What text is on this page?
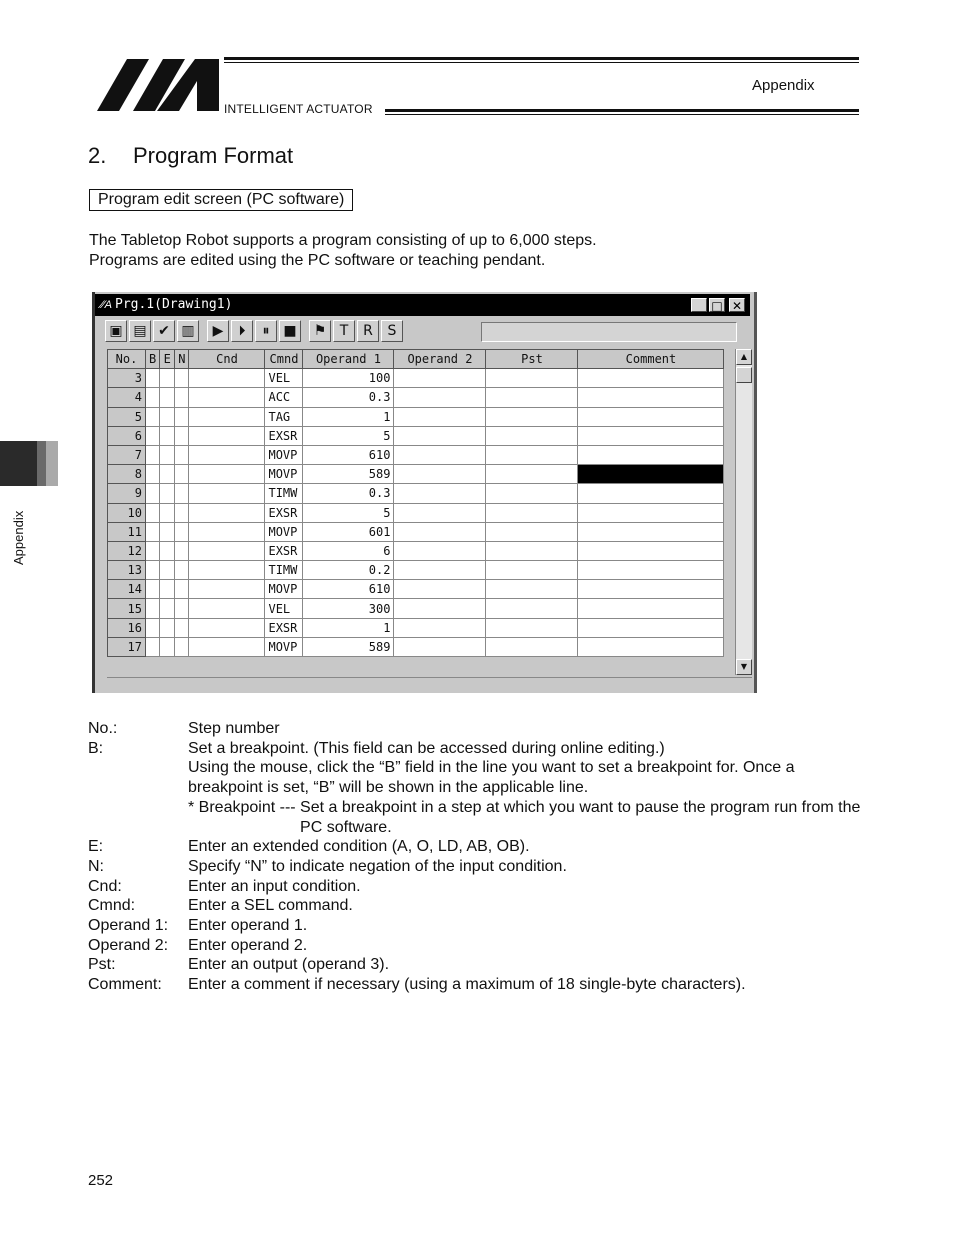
Appendix
INTELLIGENT ACTUATOR
Appendix
2. Program Format
Program edit screen (PC software)
The Tabletop Robot supports a program consisting of up to 6,000 steps.
Programs are edited using the PC software or teaching pendant.
⁄⁄A Prg.1(Drawing1)	_ □ ✕
▣ ▤ ✔ ▥	▶	⏵	⏸ ■	⚑ T	R	S
No.	B	E	N	Cnd	Cmnd	Operand 1	Operand 2	Pst	Comment
3					VEL	100			
4					ACC	0.3			
5					TAG	1			
6					EXSR	5			
7					MOVP	610			
8					MOVP	589			
9					TIMW	0.3			
10					EXSR	5			
11					MOVP	601			
12					EXSR	6			
13					TIMW	0.2			
14					MOVP	610			
15					VEL	300			
16					EXSR	1			
17					MOVP	589			
▲
▼
No.:	Step number
B:	Set a breakpoint. (This field can be accessed during online editing.)
Using the mouse, click the “B” field in the line you want to set a breakpoint for. Once a breakpoint is set, “B” will be shown in the applicable line.
* Breakpoint --- Set a breakpoint in a step at which you want to pause the program run from the PC software.
E:	Enter an extended condition (A, O, LD, AB, OB).
N:	Specify “N” to indicate negation of the input condition.
Cnd:	Enter an input condition.
Cmnd:	Enter a SEL command.
Operand 1:	Enter operand 1.
Operand 2:	Enter operand 2.
Pst:	Enter an output (operand 3).
Comment:	Enter a comment if necessary (using a maximum of 18 single-byte characters).
252
